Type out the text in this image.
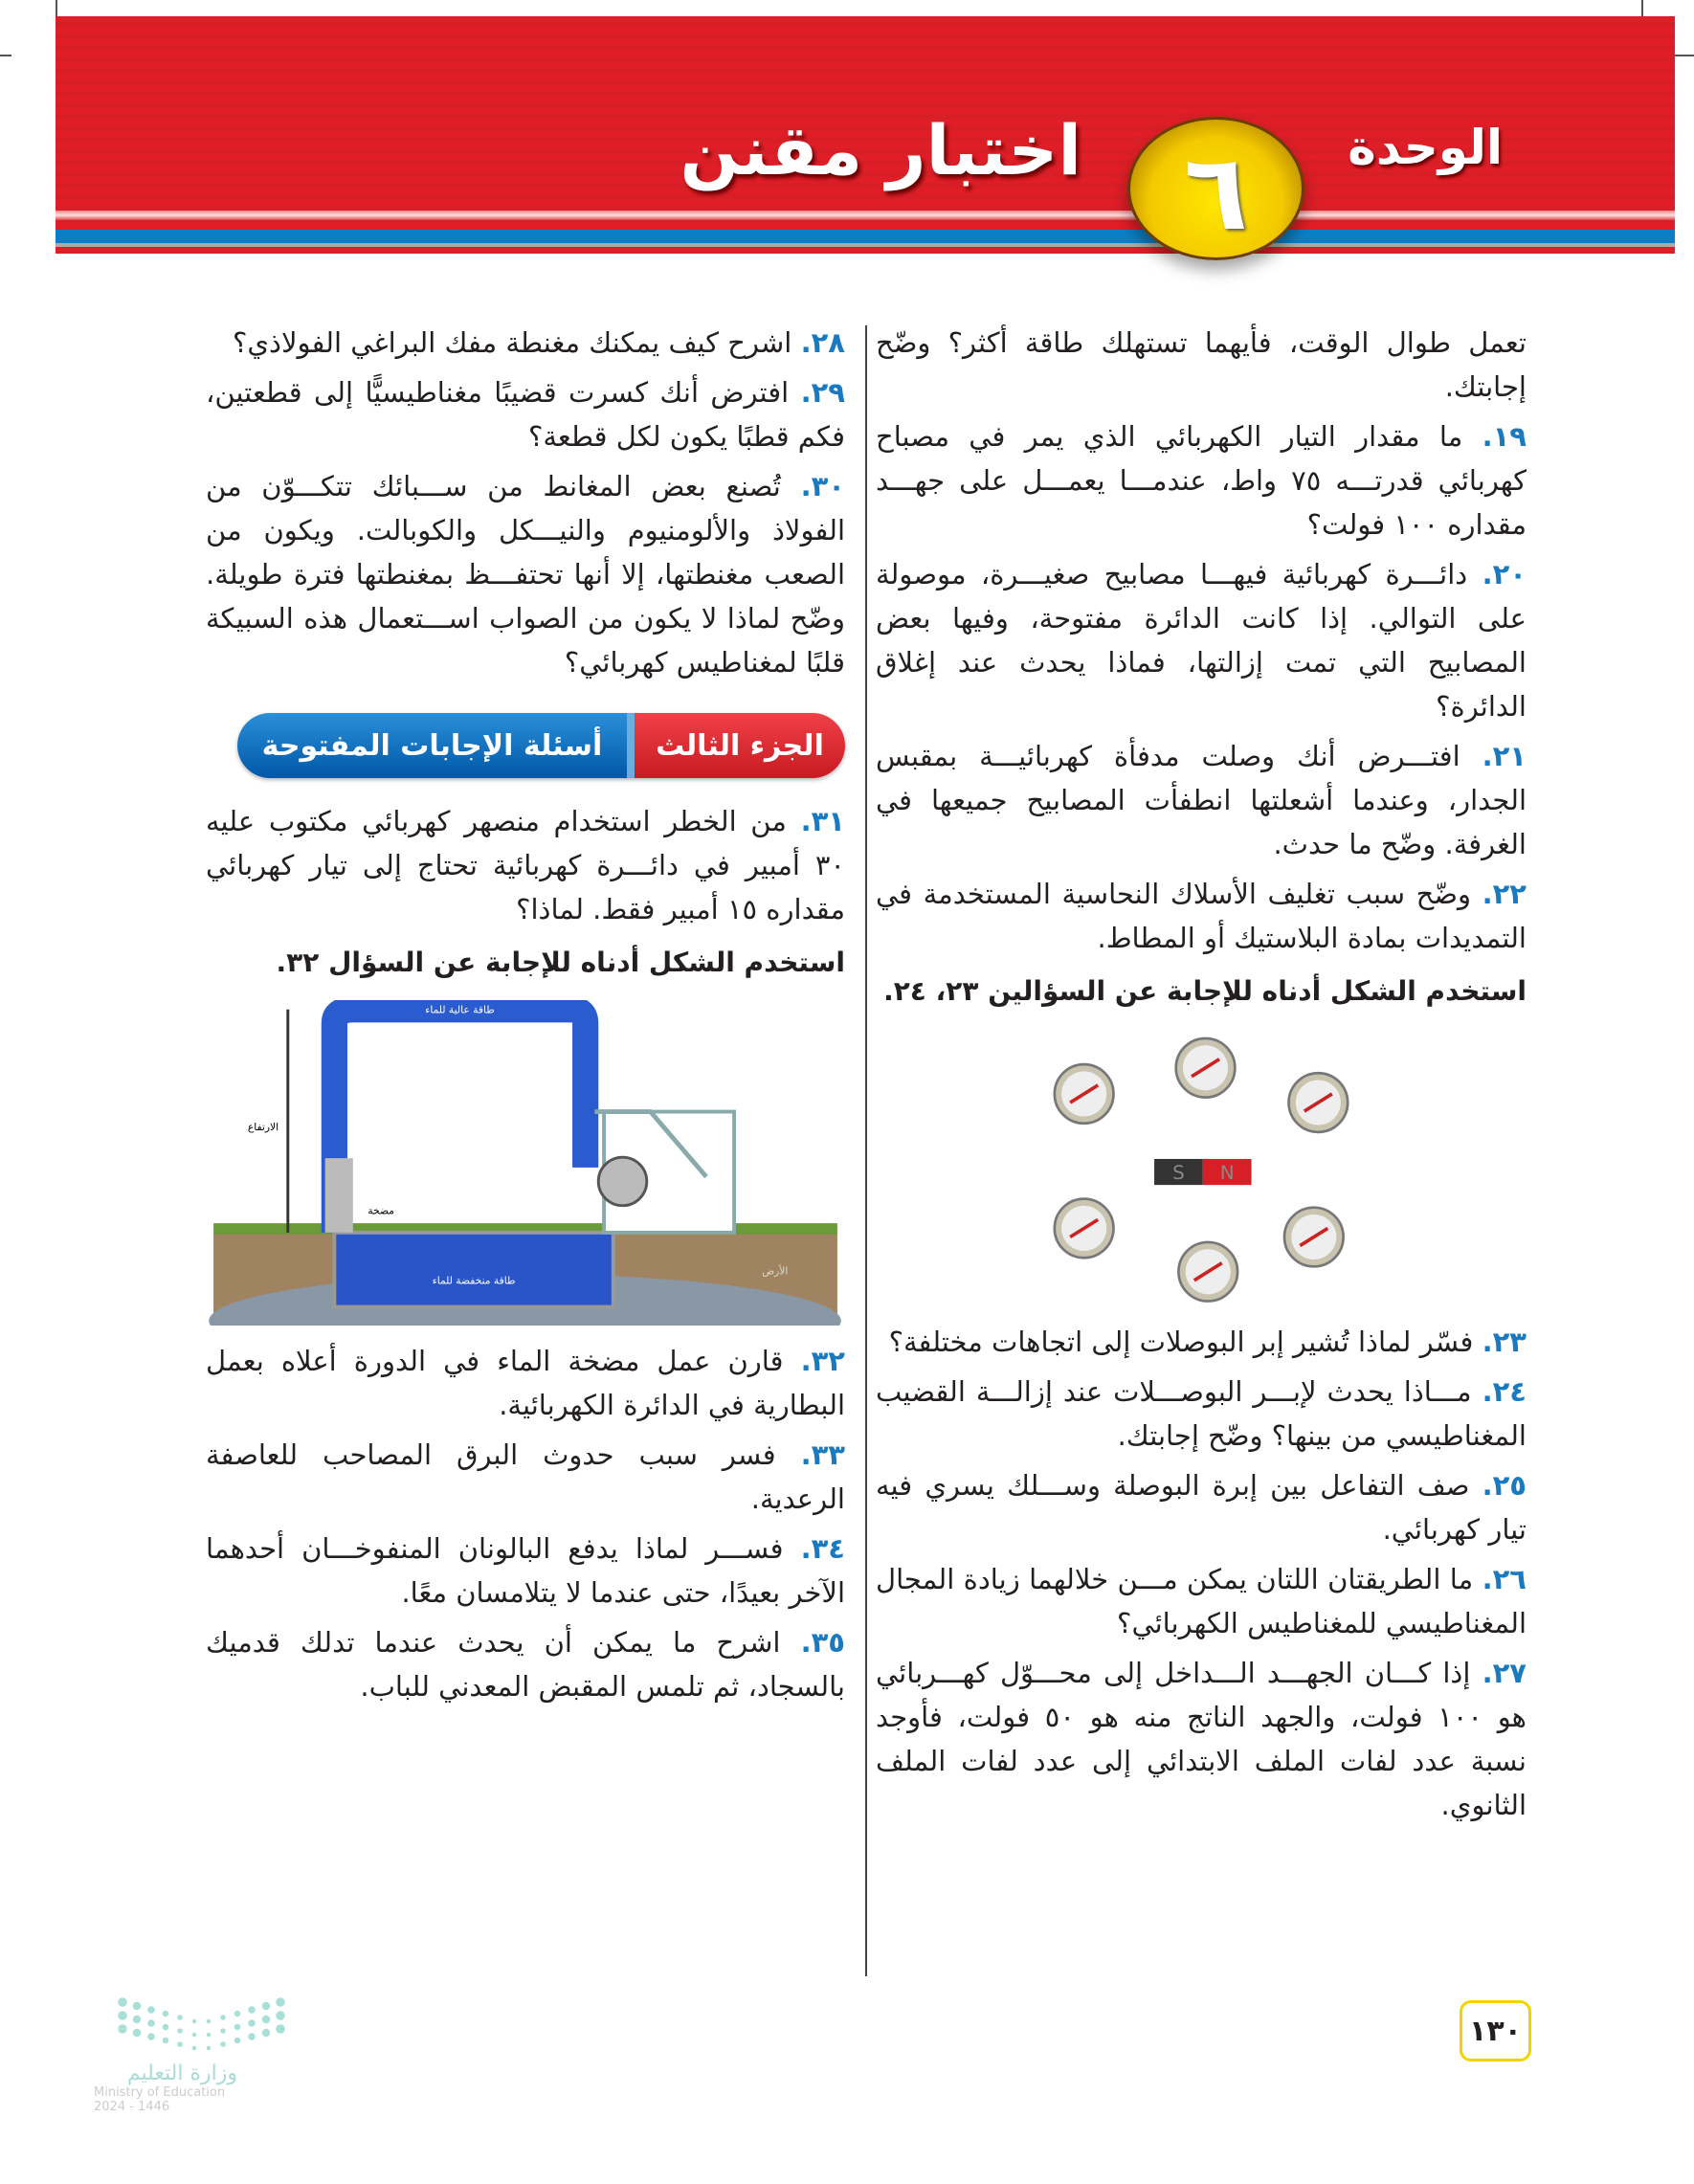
الوحدة
٦
اختبار مقنن
تعمل طوال الوقت، فأيهما تستهلك طاقة أكثر؟ وضّح إجابتك.
١٩. ما مقدار التيار الكهربائي الذي يمر في مصباح كهربائي قدرتـــه ٧٥ واط، عندمـــا يعمـــل على جهـــد مقداره ١٠٠ فولت؟
٢٠. دائـــرة كهربائية فيهـــا مصابيح صغيـــرة، موصولة على التوالي. إذا كانت الدائرة مفتوحة، وفيها بعض المصابيح التي تمت إزالتها، فماذا يحدث عند إغلاق الدائرة؟
٢١. افتـــرض أنك وصلت مدفأة كهربائيـــة بمقبس الجدار، وعندما أشعلتها انطفأت المصابيح جميعها في الغرفة. وضّح ما حدث.
٢٢. وضّح سبب تغليف الأسلاك النحاسية المستخدمة في التمديدات بمادة البلاستيك أو المطاط.
استخدم الشكل أدناه للإجابة عن السؤالين ٢٣، ٢٤.
S N
٢٣. فسّر لماذا تُشير إبر البوصلات إلى اتجاهات مختلفة؟
٢٤. مـــاذا يحدث لإبـــر البوصـــلات عند إزالـــة القضيب المغناطيسي من بينها؟ وضّح إجابتك.
٢٥. صف التفاعل بين إبرة البوصلة وســـلك يسري فيه تيار كهربائي.
٢٦. ما الطريقتان اللتان يمكن مـــن خلالهما زيادة المجال المغناطيسي للمغناطيس الكهربائي؟
٢٧. إذا كـــان الجهـــد الـــداخل إلى محـــوّل كهـــربائي هو ١٠٠ فولت، والجهد الناتج منه هو ٥٠ فولت، فأوجد نسبة عدد لفات الملف الابتدائي إلى عدد لفات الملف الثانوي.
٢٨. اشرح كيف يمكنك مغنطة مفك البراغي الفولاذي؟
٢٩. افترض أنك كسرت قضيبًا مغناطيسيًّا إلى قطعتين، فكم قطبًا يكون لكل قطعة؟
٣٠. تُصنع بعض المغانط من ســـبائك تتكـــوّن من الفولاذ والألومنيوم والنيـــكل والكوبالت. ويكون من الصعب مغنطتها، إلا أنها تحتفـــظ بمغنطتها فترة طويلة. وضّح لماذا لا يكون من الصواب اســـتعمال هذه السبيكة قلبًا لمغناطيس كهربائي؟
الجزء الثالث
أسئلة الإجابات المفتوحة
٣١. من الخطر استخدام منصهر كهربائي مكتوب عليه ٣٠ أمبير في دائـــرة كهربائية تحتاج إلى تيار كهربائي مقداره ١٥ أمبير فقط. لماذا؟
استخدم الشكل أدناه للإجابة عن السؤال ٣٢.
طاقة عالية للماء
طاقة منخفضة للماء
الارتفاع
مضخة
الأرض
٣٢. قارن عمل مضخة الماء في الدورة أعلاه بعمل البطارية في الدائرة الكهربائية.
٣٣. فسر سبب حدوث البرق المصاحب للعاصفة الرعدية.
٣٤. فســـر لماذا يدفع البالونان المنفوخـــان أحدهما الآخر بعيدًا، حتى عندما لا يتلامسان معًا.
٣٥. اشرح ما يمكن أن يحدث عندما تدلك قدميك بالسجاد، ثم تلمس المقبض المعدني للباب.
١٣٠
وزارة التعليم
Ministry of Education
2024 - 1446
